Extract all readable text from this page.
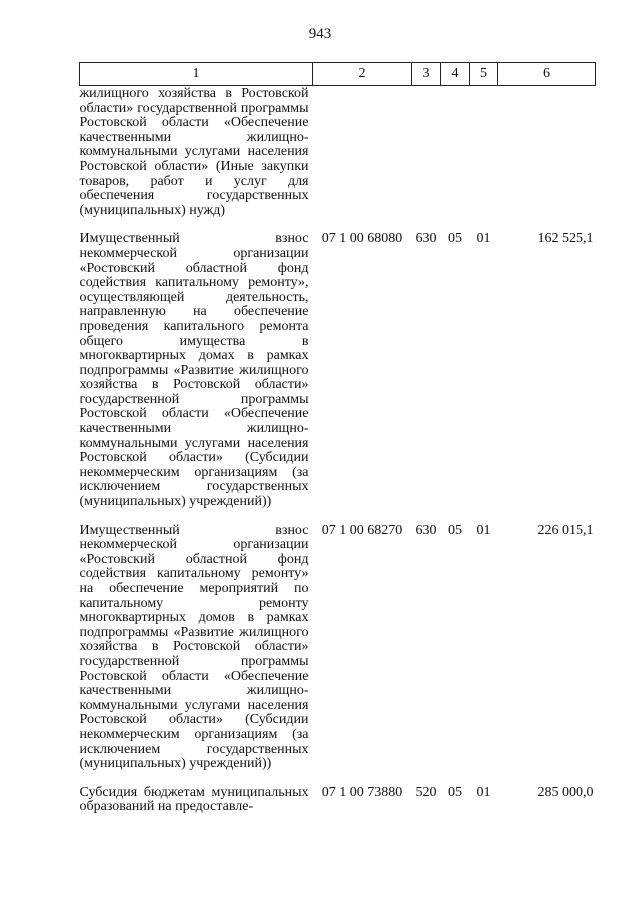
943
1	2	3	4	5	6
жилищного хозяйства в Ростовской области» государственной программы Ростовской области «Обеспечение качественными жилищно-коммунальными услугами населения Ростовской области» (Иные закупки товаров, работ и услуг для обеспечения государственных (муниципальных) нужд)					
Имущественный взнос некоммерческой организации «Ростовский областной фонд содействия капитальному ремонту», осуществляющей деятельность, направленную на обеспечение проведения капитального ремонта общего имущества в многоквартирных домах в рамках подпрограммы «Развитие жилищного хозяйства в Ростовской области» государственной программы Ростовской области «Обеспечение качественными жилищно-коммунальными услугами населения Ростовской области» (Субсидии некоммерческим организациям (за исключением государственных (муниципальных) учреждений))	07 1 00 68080	630	05	01	162 525,1
Имущественный взнос некоммерческой организации «Ростовский областной фонд содействия капитальному ремонту» на обеспечение мероприятий по капитальному ремонту многоквартирных домов в рамках подпрограммы «Развитие жилищного хозяйства в Ростовской области» государственной программы Ростовской области «Обеспечение качественными жилищно-коммунальными услугами населения Ростовской области» (Субсидии некоммерческим организациям (за исключением государственных (муниципальных) учреждений))	07 1 00 68270	630	05	01	226 015,1
Субсидия бюджетам муниципальных образований на предоставле-	07 1 00 73880	520	05	01	285 000,0
